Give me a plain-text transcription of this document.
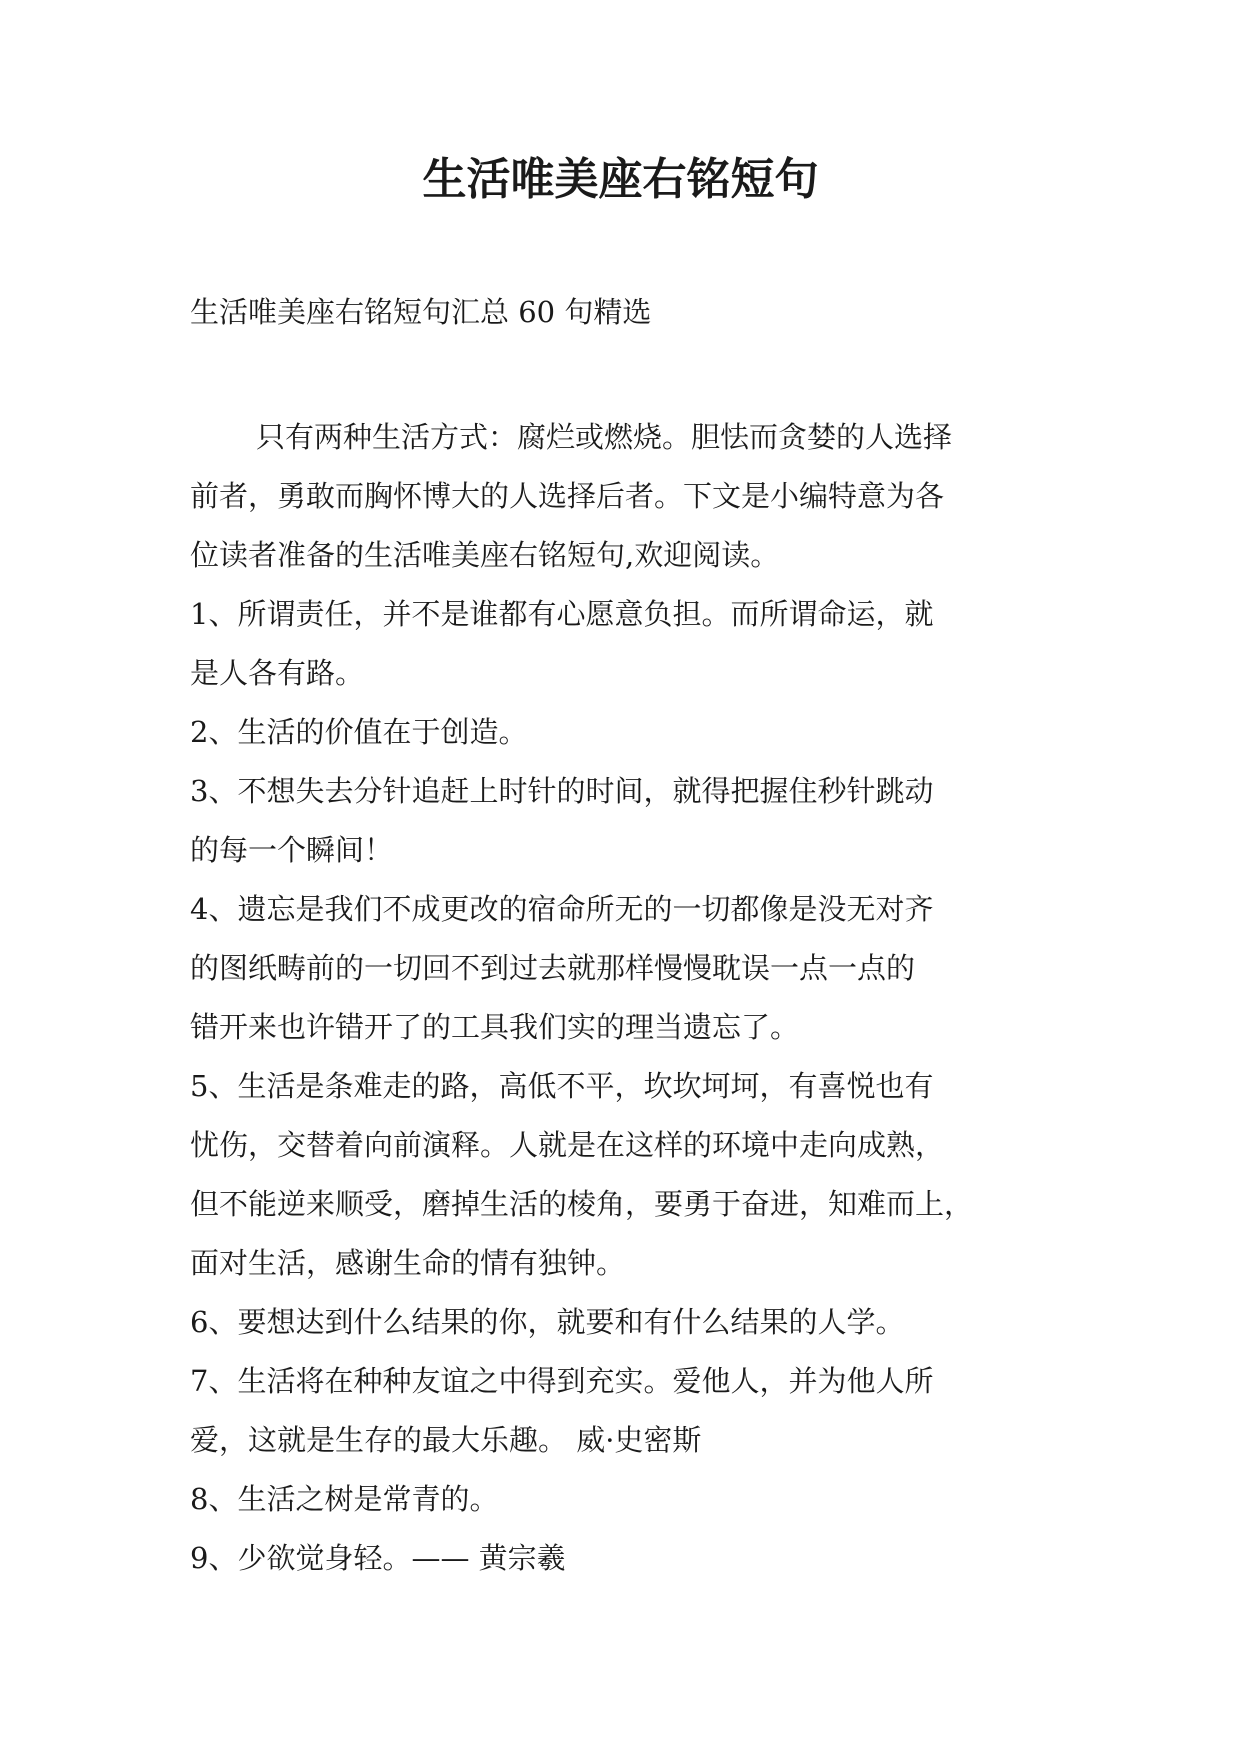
生活唯美座右铭短句
生活唯美座右铭短句汇总 60 句精选
只有两种生活方式：腐烂或燃烧。胆怯而贪婪的人选择
前者，勇敢而胸怀博大的人选择后者。下文是小编特意为各
位读者准备的生活唯美座右铭短句,欢迎阅读。
1、所谓责任，并不是谁都有心愿意负担。而所谓命运，就
是人各有路。
2、生活的价值在于创造。
3、不想失去分针追赶上时针的时间，就得把握住秒针跳动
的每一个瞬间！
4、遗忘是我们不成更改的宿命所无的一切都像是没无对齐
的图纸畴前的一切回不到过去就那样慢慢耽误一点一点的
错开来也许错开了的工具我们实的理当遗忘了。
5、生活是条难走的路，高低不平，坎坎坷坷，有喜悦也有
忧伤，交替着向前演释。人就是在这样的环境中走向成熟，
但不能逆来顺受，磨掉生活的棱角，要勇于奋进，知难而上，
面对生活，感谢生命的情有独钟。
6、要想达到什么结果的你，就要和有什么结果的人学。
7、生活将在种种友谊之中得到充实。爱他人，并为他人所
爱，这就是生存的最大乐趣。 威·史密斯
8、生活之树是常青的。
9、少欲觉身轻。—— 黄宗羲
